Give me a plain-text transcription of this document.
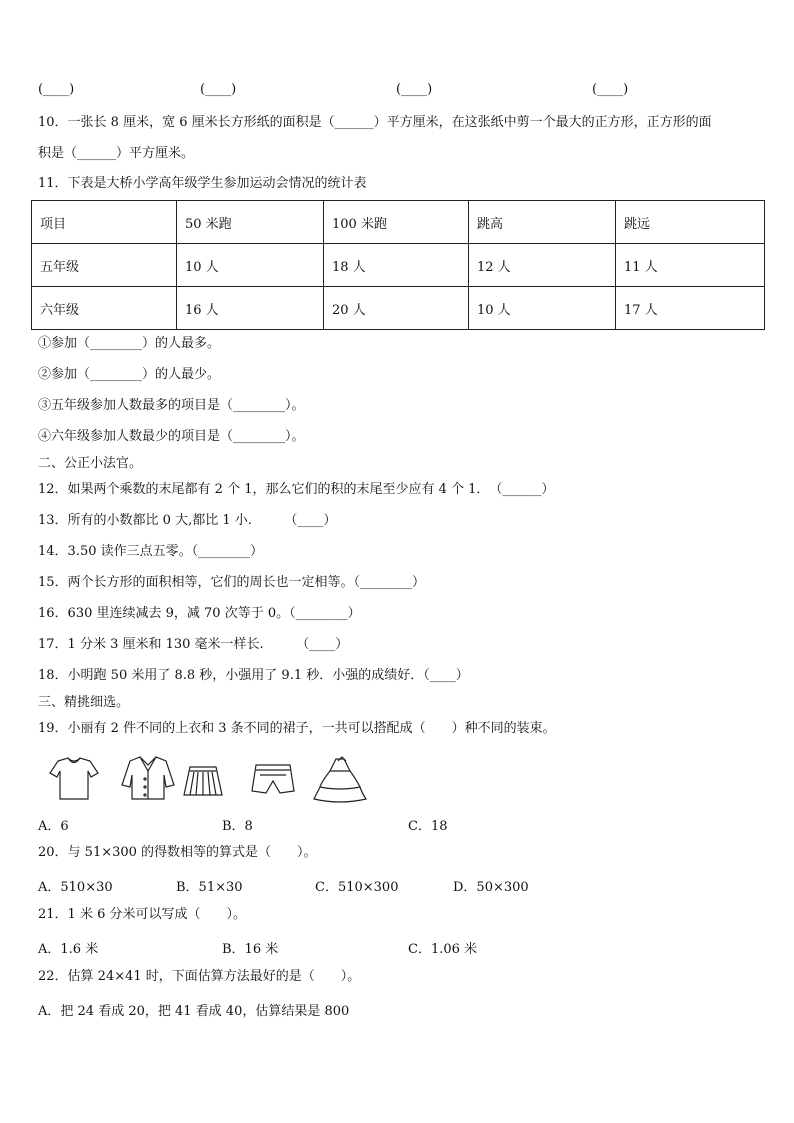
(____)	(____)	(____)	(____)
10．一张长 8 厘米，宽 6 厘米长方形纸的面积是（______）平方厘米，在这张纸中剪一个最大的正方形，正方形的面
积是（______）平方厘米。
11．下表是大桥小学高年级学生参加运动会情况的统计表
项目	50 米跑	100 米跑	跳高	跳远
五年级	10 人	18 人	12 人	11 人
六年级	16 人	20 人	10 人	17 人
①参加（________）的人最多。
②参加（________）的人最少。
③五年级参加人数最多的项目是（________）。
④六年级参加人数最少的项目是（________）。
二、公正小法官。
12．如果两个乘数的末尾都有 2 个 1，那么它们的积的末尾至少应有 4 个 1．　（______）
13．所有的小数都比 0 大,都比 1 小.　　　（____）
14．3.50 读作三点五零。（________）
15．两个长方形的面积相等，它们的周长也一定相等。（________）
16．630 里连续减去 9，减 70 次等于 0。（________）
17．1 分米 3 厘米和 130 毫米一样长.　　　（____）
18．小明跑 50 米用了 8.8 秒，小强用了 9.1 秒．小强的成绩好．（____）
三、精挑细选。
19．小丽有 2 件不同的上衣和 3 条不同的裙子，一共可以搭配成（　　）种不同的装束。
A．6	B．8	C．18
20．与 51×300 的得数相等的算式是（　　）。
A．510×30	B．51×30	C．510×300	D．50×300
21．1 米 6 分米可以写成（　　）。
A．1.6 米	B．16 米	C．1.06 米
22．估算 24×41 时，下面估算方法最好的是（　　）。
A．把 24 看成 20，把 41 看成 40，估算结果是 800
